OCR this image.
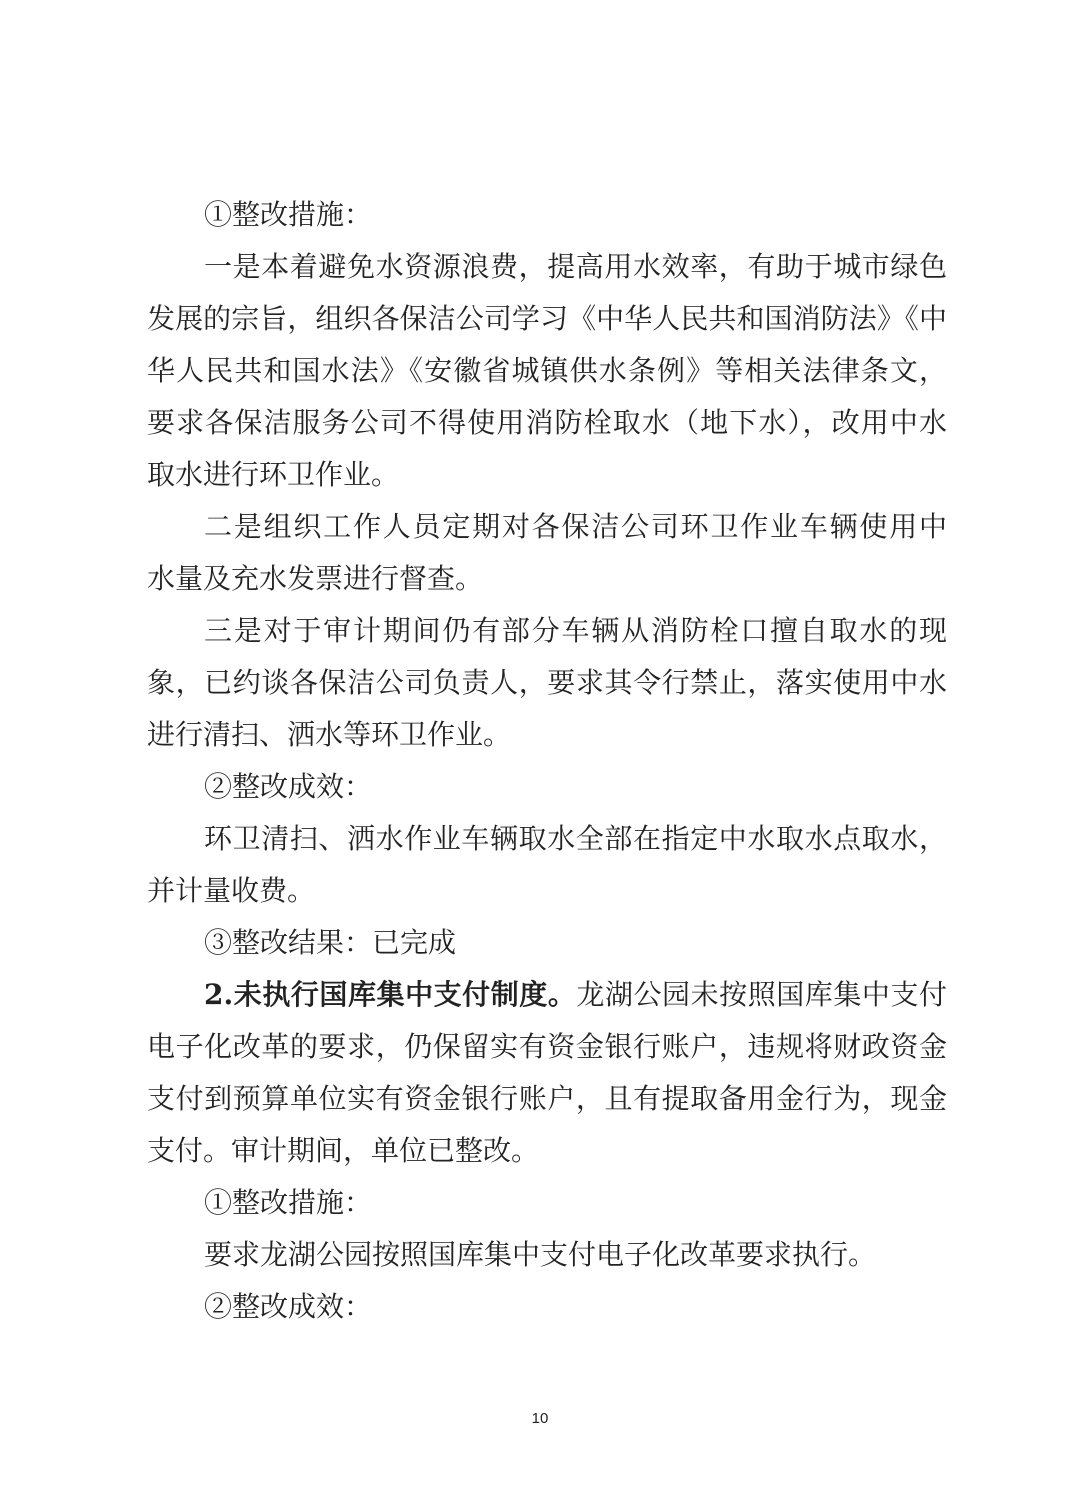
①整改措施：
一是本着避免水资源浪费，提高用水效率，有助于城市绿色
发展的宗旨，组织各保洁公司学习《中华人民共和国消防法》《中
华人民共和国水法》《安徽省城镇供水条例》等相关法律条文，
要求各保洁服务公司不得使用消防栓取水（地下水），改用中水
取水进行环卫作业。
二是组织工作人员定期对各保洁公司环卫作业车辆使用中
水量及充水发票进行督查。
三是对于审计期间仍有部分车辆从消防栓口擅自取水的现
象，已约谈各保洁公司负责人，要求其令行禁止，落实使用中水
进行清扫、洒水等环卫作业。
②整改成效：
环卫清扫、洒水作业车辆取水全部在指定中水取水点取水，
并计量收费。
③整改结果：已完成
2.未执行国库集中支付制度。龙湖公园未按照国库集中支付
电子化改革的要求，仍保留实有资金银行账户，违规将财政资金
支付到预算单位实有资金银行账户，且有提取备用金行为，现金
支付。审计期间，单位已整改。
①整改措施：
要求龙湖公园按照国库集中支付电子化改革要求执行。
②整改成效：
10
